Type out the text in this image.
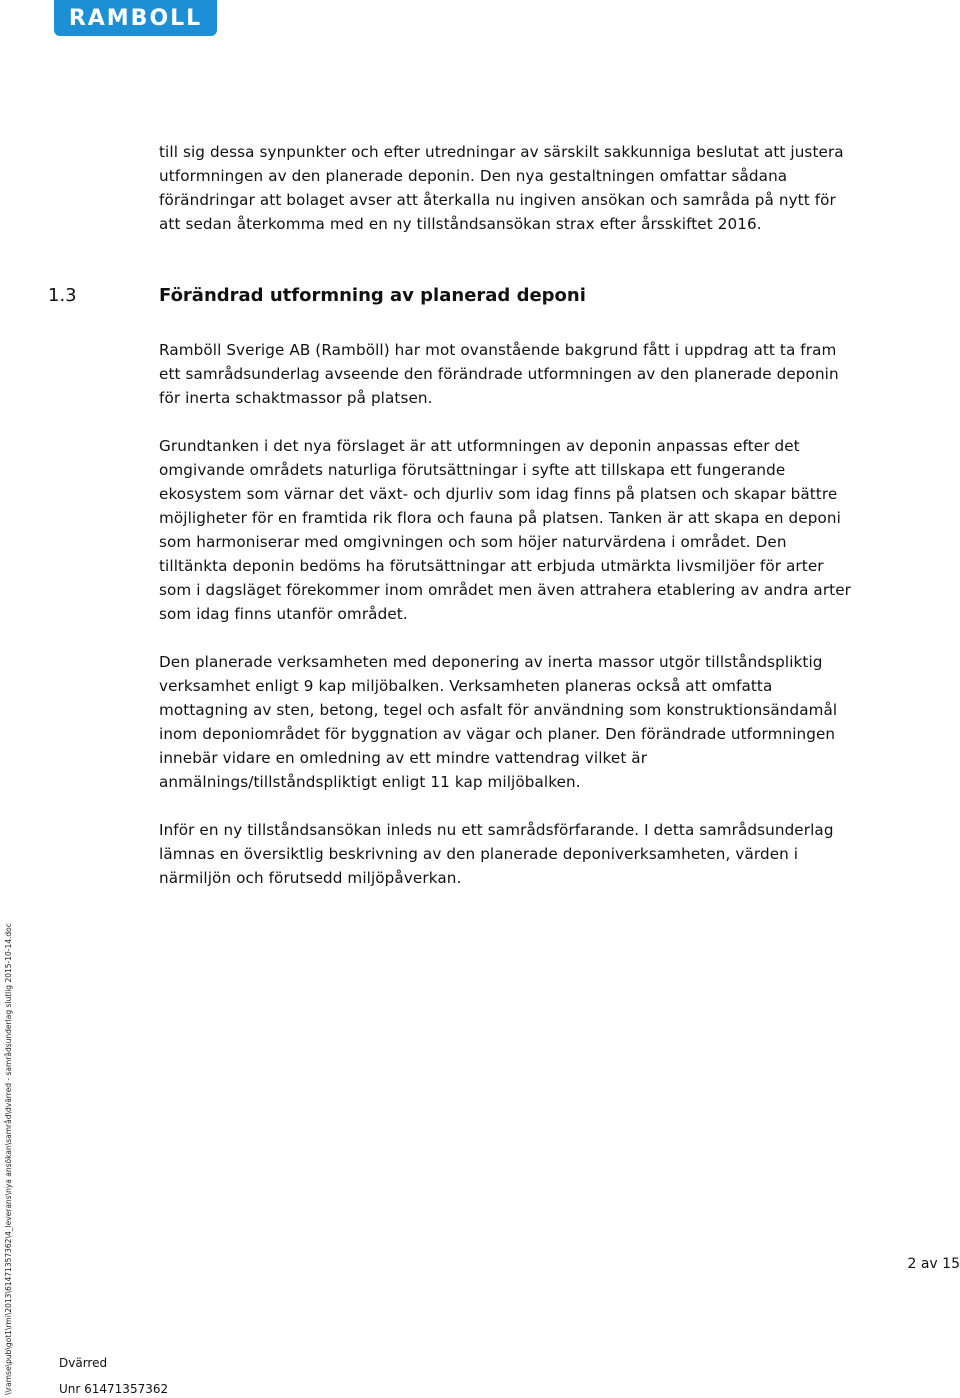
RAMBOLL

till sig dessa synpunkter och efter utredningar av särskilt sakkunniga beslutat att justera utformningen av den planerade deponin. Den nya gestaltningen omfattar sådana förändringar att bolaget avser att återkalla nu ingiven ansökan och samråda på nytt för att sedan återkomma med en ny tillståndsansökan strax efter årsskiftet 2016.

1.3	Förändrad utformning av planerad deponi

Ramböll Sverige AB (Ramböll) har mot ovanstående bakgrund fått i uppdrag att ta fram ett samrådsunderlag avseende den förändrade utformningen av den planerade deponin för inerta schaktmassor på platsen.

Grundtanken i det nya förslaget är att utformningen av deponin anpassas efter det omgivande områdets naturliga förutsättningar i syfte att tillskapa ett fungerande ekosystem som värnar det växt- och djurliv som idag finns på platsen och skapar bättre möjligheter för en framtida rik flora och fauna på platsen. Tanken är att skapa en deponi som harmoniserar med omgivningen och som höjer naturvärdena i området. Den tilltänkta deponin bedöms ha förutsättningar att erbjuda utmärkta livsmiljöer för arter som i dagsläget förekommer inom området men även attrahera etablering av andra arter som idag finns utanför området.

Den planerade verksamheten med deponering av inerta massor utgör tillståndspliktig verksamhet enligt 9 kap miljöbalken. Verksamheten planeras också att omfatta mottagning av sten, betong, tegel och asfalt för användning som konstruktionsändamål inom deponiområdet för byggnation av vägar och planer. Den förändrade utformningen innebär vidare en omledning av ett mindre vattendrag vilket är anmälnings/tillståndspliktigt enligt 11 kap miljöbalken.

Inför en ny tillståndsansökan inleds nu ett samrådsförfarande. I detta samrådsunderlag lämnas en översiktlig beskrivning av den planerade deponiverksamheten, värden i närmiljön och förutsedd miljöpåverkan.

2 av 15
Dvärred
Unr 61471357362
\\ramse\pub\got1\rmi\2013\61471357362\4_leverans\nya ansökan\samråd\dvärred - samrådsunderlag slutlig 2015-10-14.doc
